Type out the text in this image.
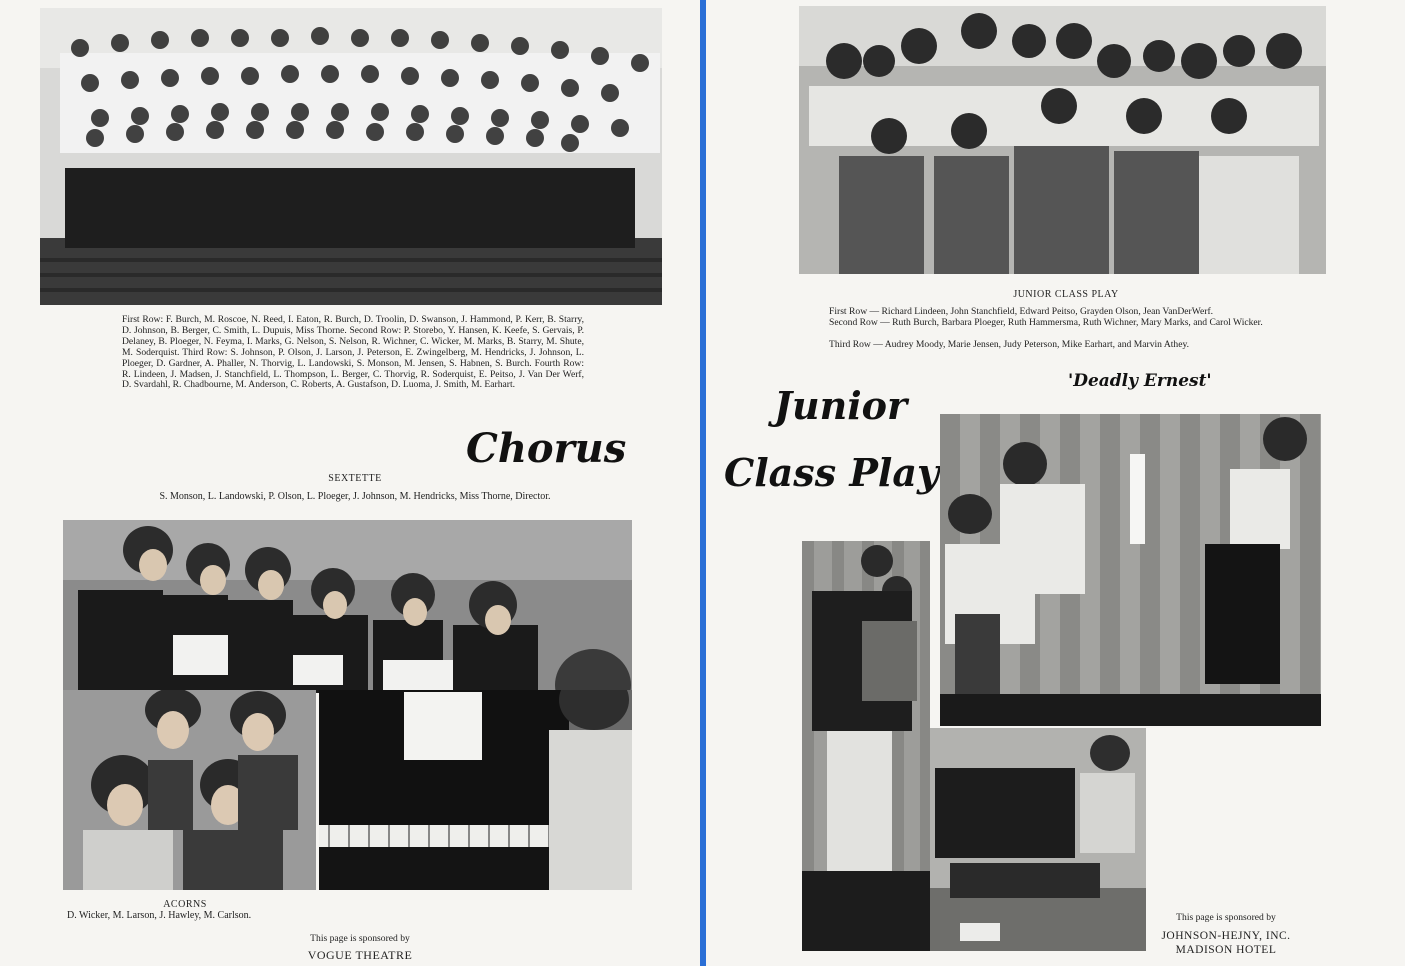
First Row: F. Burch, M. Roscoe, N. Reed, I. Eaton, R. Burch, D. Troolin, D. Swanson, J. Hammond, P. Kerr, B. Starry, D. Johnson, B. Berger, C. Smith, L. Dupuis, Miss Thorne. Second Row: P. Storebo, Y. Hansen, K. Keefe, S. Gervais, P. Delaney, B. Ploeger, N. Feyma, I. Marks, G. Nelson, S. Nelson, R. Wichner, C. Wicker, M. Marks, B. Starry, M. Shute, M. Soderquist. Third Row: S. Johnson, P. Olson, J. Larson, J. Peterson, E. Zwingelberg, M. Hendricks, J. Johnson, L. Ploeger, D. Gardner, A. Phaller, N. Thorvig, L. Landowski, S. Monson, M. Jensen, S. Habnen, S. Burch. Fourth Row: R. Lindeen, J. Madsen, J. Stanchfield, L. Thompson, L. Berger, C. Thorvig, R. Soderquist, E. Peitso, J. Van Der Werf, D. Svardahl, R. Chadbourne, M. Anderson, C. Roberts, A. Gustafson, D. Luoma, J. Smith, M. Earhart.
Chorus
SEXTETTE
S. Monson, L. Landowski, P. Olson, L. Ploeger, J. Johnson, M. Hendricks, Miss Thorne, Director.
ACORNS
D. Wicker, M. Larson, J. Hawley, M. Carlson.
This page is sponsored by
VOGUE THEATRE
JUNIOR CLASS PLAY
First Row — Richard Lindeen, John Stanchfield, Edward Peitso, Grayden Olson, Jean VanDerWerf.
Second Row — Ruth Burch, Barbara Ploeger, Ruth Hammersma, Ruth Wichner, Mary Marks, and Carol Wicker.
Third Row — Audrey Moody, Marie Jensen, Judy Peterson, Mike Earhart, and Marvin Athey.
'Deadly Ernest'
Junior
Class Play
This page is sponsored by
JOHNSON-HEJNY, INC.
MADISON HOTEL
